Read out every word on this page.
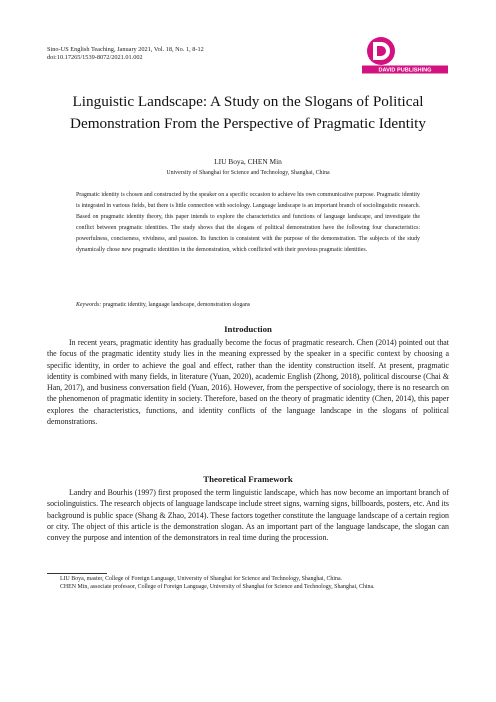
Sino-US English Teaching, January 2021, Vol. 18, No. 1, 8-12
doi:10.17265/1539-8072/2021.01.002
DAVID PUBLISHING
Linguistic Landscape: A Study on the Slogans of Political
Demonstration From the Perspective of Pragmatic Identity
LIU Boya, CHEN Min
University of Shanghai for Science and Technology, Shanghai, China
Pragmatic identity is chosen and constructed by the speaker on a specific occasion to achieve his own communicative purpose. Pragmatic identity is integrated in various fields, but there is little connection with sociology. Language landscape is an important branch of sociolinguistic research. Based on pragmatic identity theory, this paper intends to explore the characteristics and functions of language landscape, and investigate the conflict between pragmatic identities. The study shows that the slogans of political demonstration have the following four characteristics: powerfulness, conciseness, vividness, and passion. Its function is consistent with the purpose of the demonstration. The subjects of the study dynamically chose new pragmatic identities in the demonstration, which conflicted with their previous pragmatic identities.
Keywords: pragmatic identity, language landscape, demonstration slogans
Introduction
In recent years, pragmatic identity has gradually become the focus of pragmatic research. Chen (2014) pointed out that the focus of the pragmatic identity study lies in the meaning expressed by the speaker in a specific context by choosing a specific identity, in order to achieve the goal and effect, rather than the identity construction itself. At present, pragmatic identity is combined with many fields, in literature (Yuan, 2020), academic English (Zhong, 2018), political discourse (Chai & Han, 2017), and business conversation field (Yuan, 2016). However, from the perspective of sociology, there is no research on the phenomenon of pragmatic identity in society. Therefore, based on the theory of pragmatic identity (Chen, 2014), this paper explores the characteristics, functions, and identity conflicts of the language landscape in the slogans of political demonstrations.
Theoretical Framework
Landry and Bourhis (1997) first proposed the term linguistic landscape, which has now become an important branch of sociolinguistics. The research objects of language landscape include street signs, warning signs, billboards, posters, etc. And its background is public space (Shang & Zhao, 2014). These factors together constitute the language landscape of a certain region or city. The object of this article is the demonstration slogan. As an important part of the language landscape, the slogan can convey the purpose and intention of the demonstrators in real time during the procession.
LIU Boya, master, College of Foreign Language, University of Shanghai for Science and Technology, Shanghai, China.
CHEN Min, associate professor, College of Foreign Language, University of Shanghai for Science and Technology, Shanghai, China.
